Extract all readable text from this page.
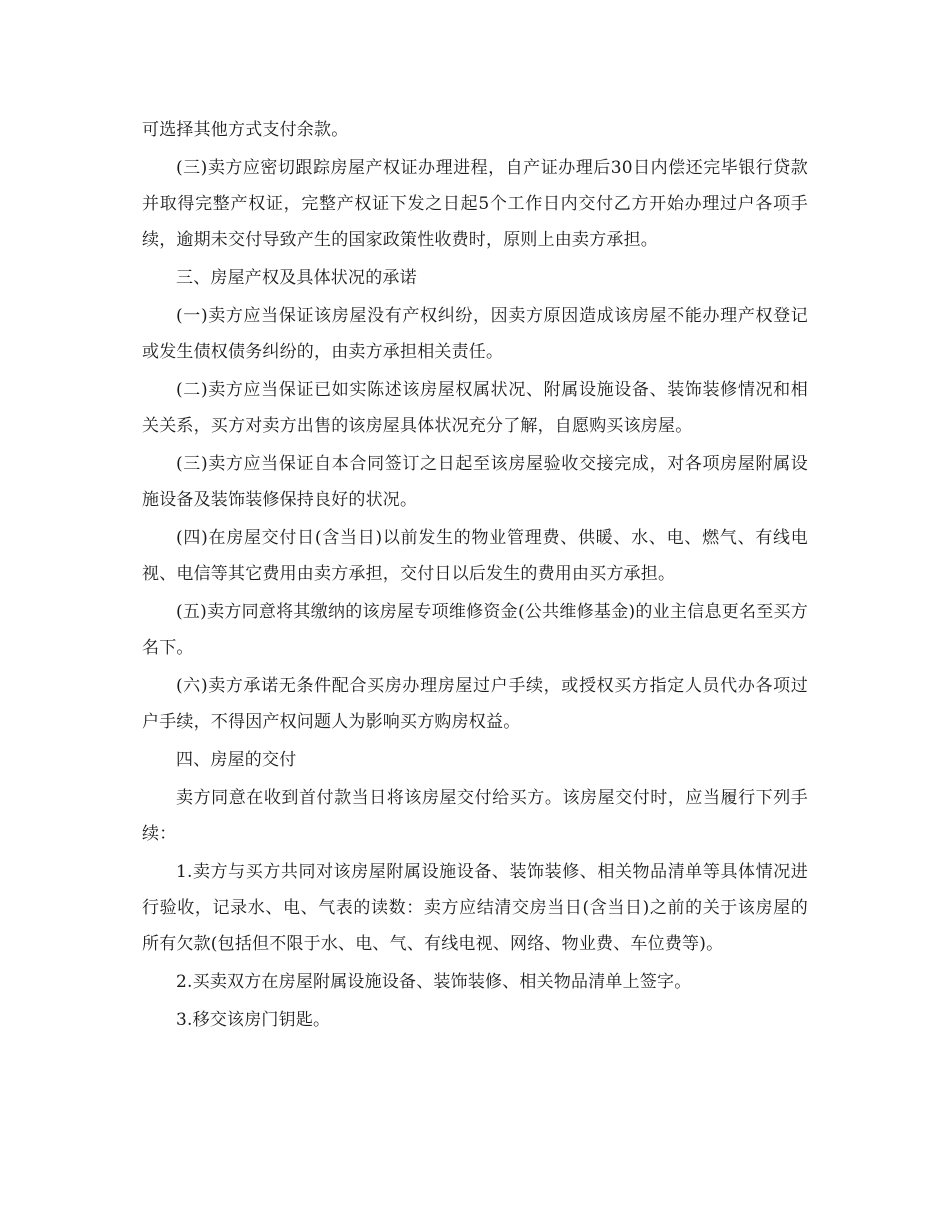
可选择其他方式支付余款。

(三)卖方应密切跟踪房屋产权证办理进程，自产证办理后30日内偿还完毕银行贷款并取得完整产权证，完整产权证下发之日起5个工作日内交付乙方开始办理过户各项手续，逾期未交付导致产生的国家政策性收费时，原则上由卖方承担。

三、房屋产权及具体状况的承诺

(一)卖方应当保证该房屋没有产权纠纷，因卖方原因造成该房屋不能办理产权登记或发生债权债务纠纷的，由卖方承担相关责任。

(二)卖方应当保证已如实陈述该房屋权属状况、附属设施设备、装饰装修情况和相关关系，买方对卖方出售的该房屋具体状况充分了解，自愿购买该房屋。

(三)卖方应当保证自本合同签订之日起至该房屋验收交接完成，对各项房屋附属设施设备及装饰装修保持良好的状况。

(四)在房屋交付日(含当日)以前发生的物业管理费、供暖、水、电、燃气、有线电视、电信等其它费用由卖方承担，交付日以后发生的费用由买方承担。

(五)卖方同意将其缴纳的该房屋专项维修资金(公共维修基金)的业主信息更名至买方名下。

(六)卖方承诺无条件配合买房办理房屋过户手续，或授权买方指定人员代办各项过户手续，不得因产权问题人为影响买方购房权益。

四、房屋的交付

卖方同意在收到首付款当日将该房屋交付给买方。该房屋交付时，应当履行下列手续：

1.卖方与买方共同对该房屋附属设施设备、装饰装修、相关物品清单等具体情况进行验收，记录水、电、气表的读数：卖方应结清交房当日(含当日)之前的关于该房屋的所有欠款(包括但不限于水、电、气、有线电视、网络、物业费、车位费等)。

2.买卖双方在房屋附属设施设备、装饰装修、相关物品清单上签字。

3.移交该房门钥匙。
